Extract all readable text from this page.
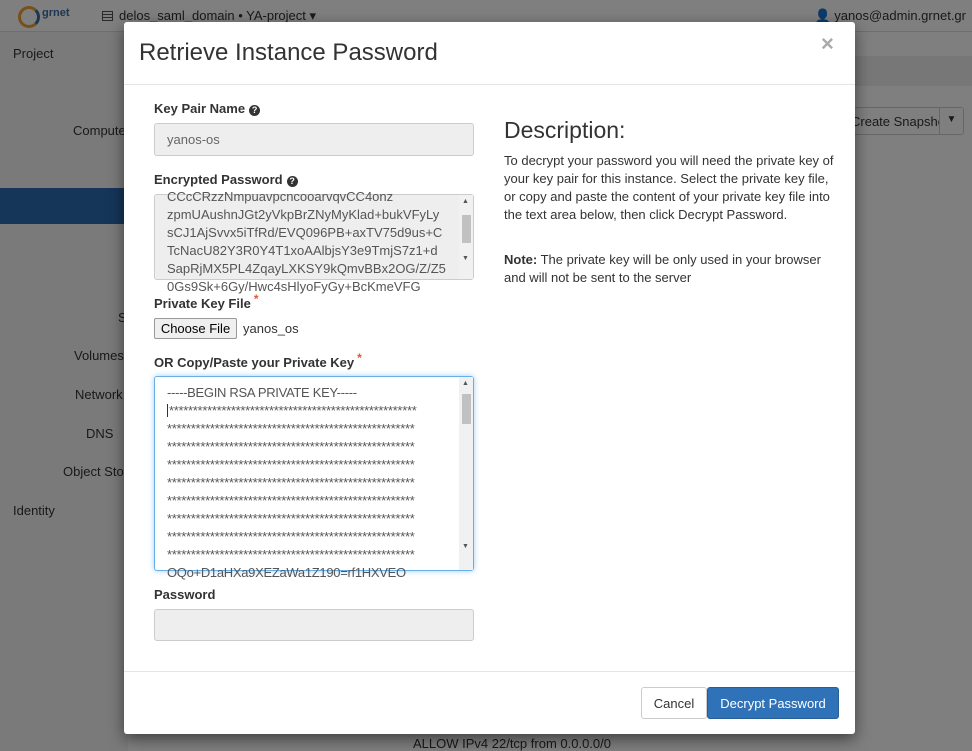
Retrieve Instance Password	×
Key Pair Name ?
yanos-os
Encrypted Password ?
CCcCRzzNmpuavpcncooarvqvCC4onz
zpmUAushnJGt2yVkpBrZNyMyKlad+bukVFyLy
sCJ1AjSvvx5iTfRd/EVQ096PB+axTV75d9us+C
TcNacU82Y3R0Y4T1xoAAlbjsY3e9TmjS7z1+d
SapRjMX5PL4ZqayLXKSY9kQmvBBx2OG/Z/Z5
0Gs9Sk+6Gy/Hwc4sHlyoFyGy+BcKmeVFG
▲
▼
Private Key File *
Choose File yanos_os
OR Copy/Paste your Private Key *
-----BEGIN RSA PRIVATE KEY-----
****************************************************
****************************************************
****************************************************
****************************************************
****************************************************
****************************************************
****************************************************
****************************************************
****************************************************
OQo+D1aHXa9XEZaWa1Z190=rf1HXVEO
▲
▼
Password
Description:

To decrypt your password you will need the private key of your key pair for this instance. Select the private key file, or copy and paste the content of your private key file into the text area below, then click Decrypt Password.

Note: The private key will be only used in your browser and will not be sent to the server

Cancel	Decrypt Password
